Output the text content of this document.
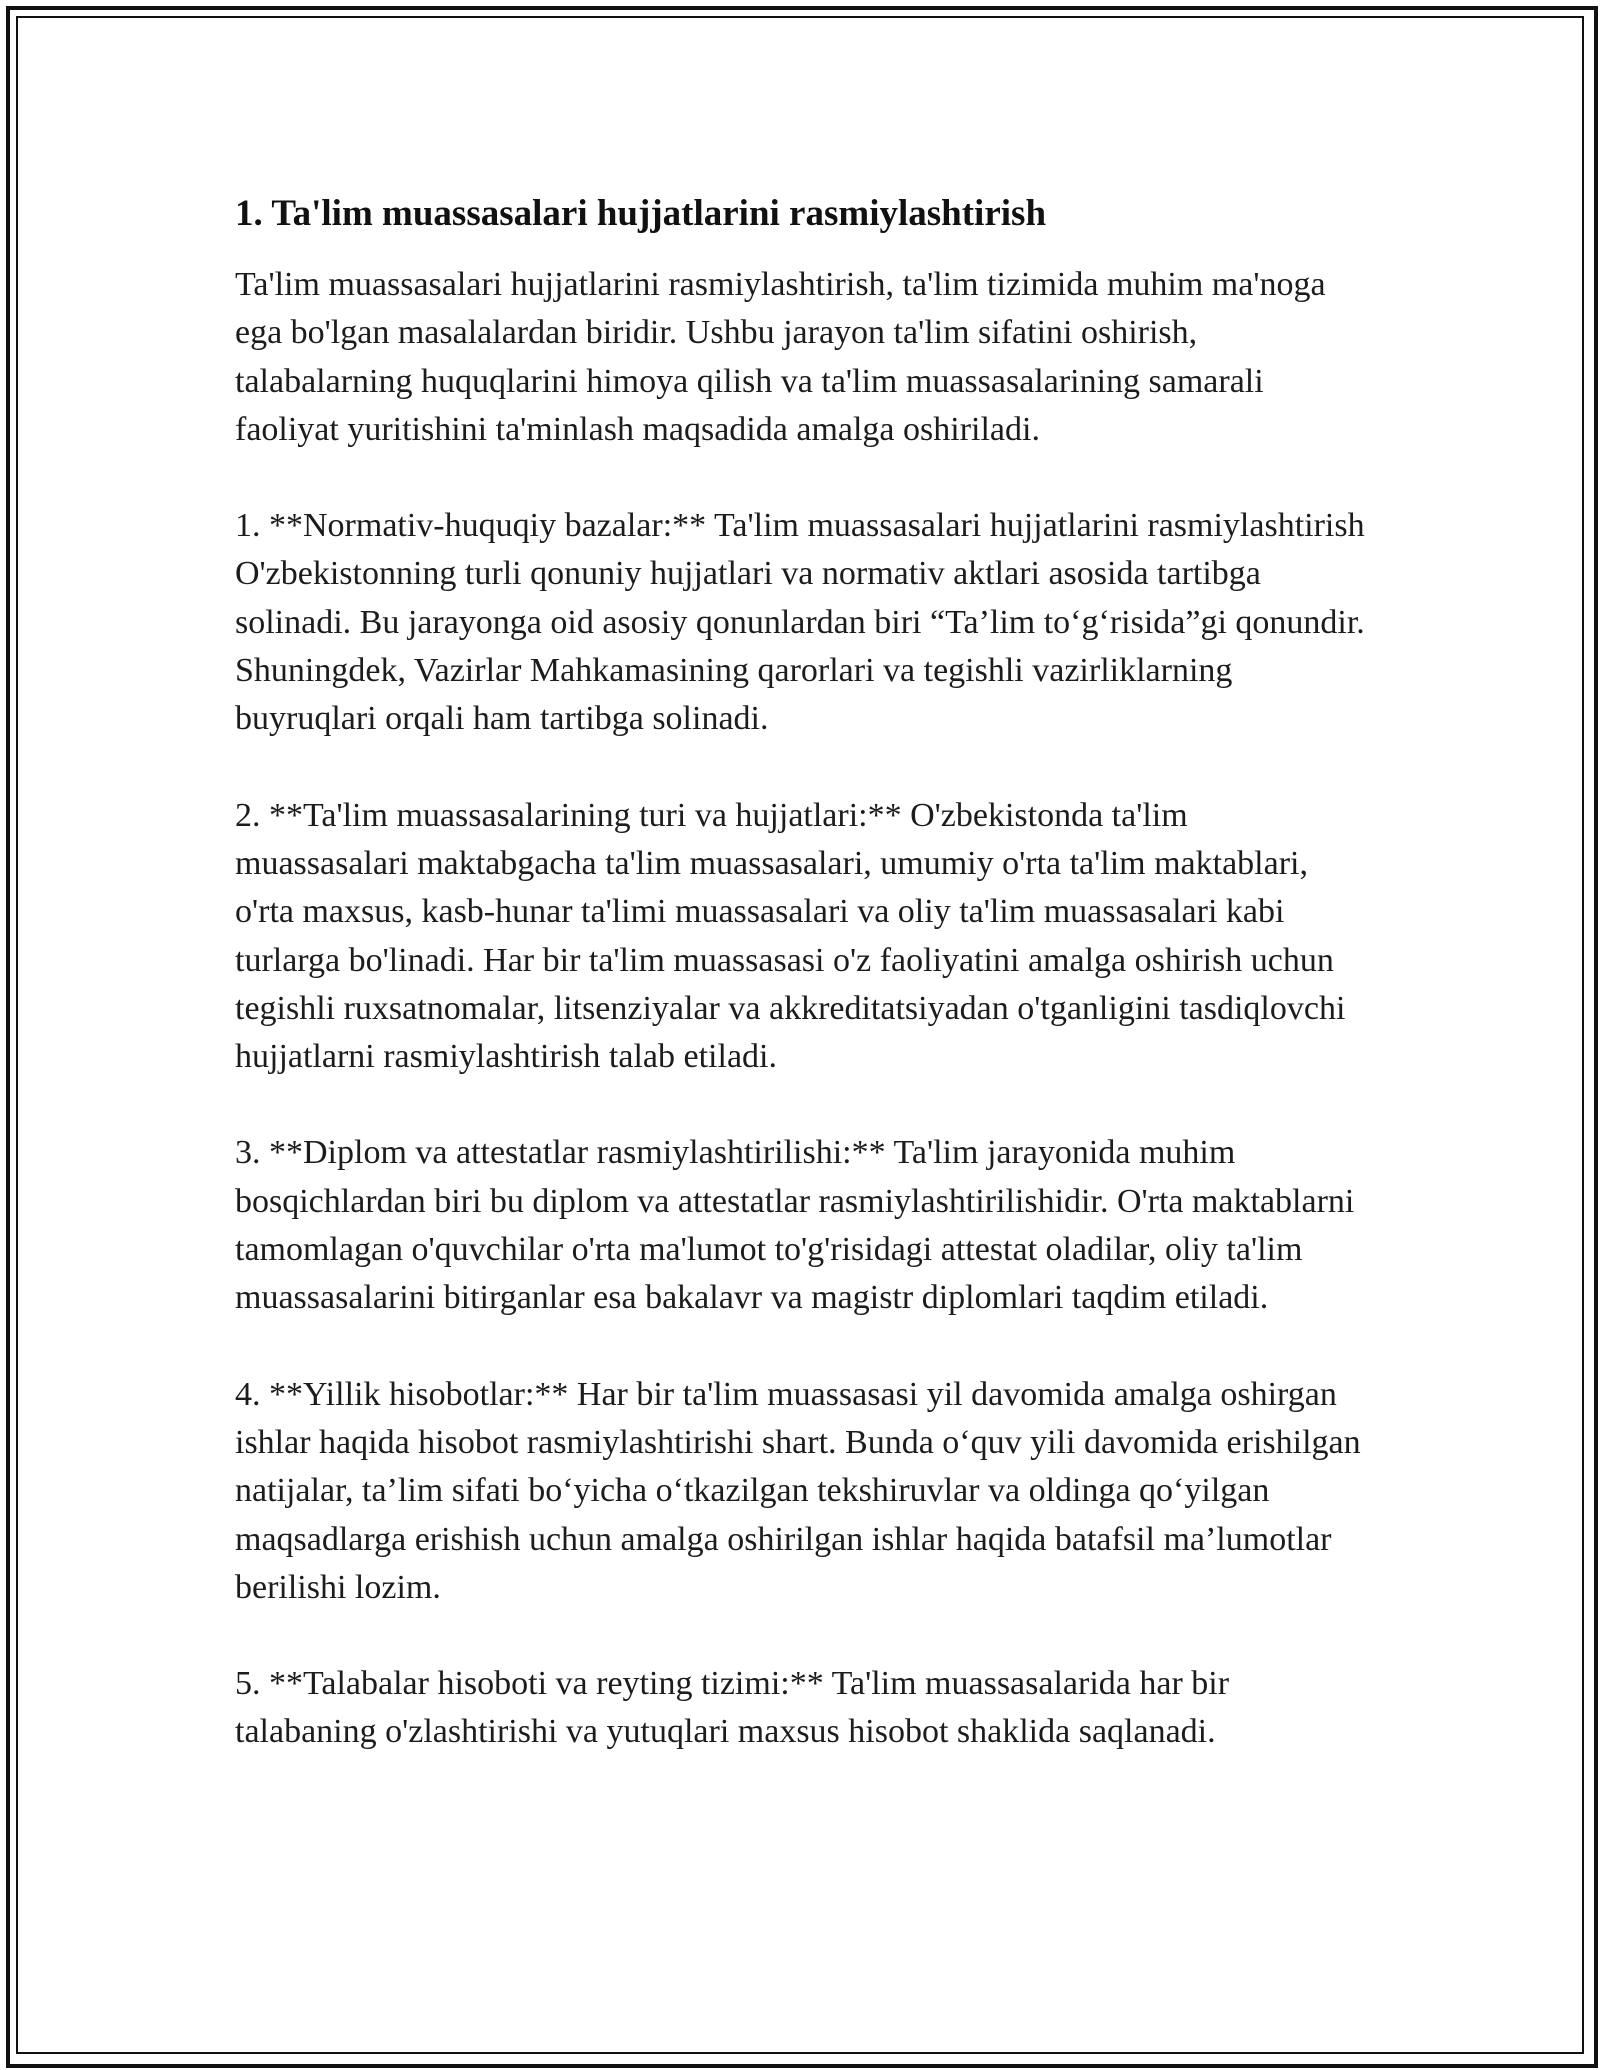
1. Ta'lim muassasalari hujjatlarini rasmiylashtirish

Ta'lim muassasalari hujjatlarini rasmiylashtirish, ta'lim tizimida muhim ma'noga ega bo'lgan masalalardan biridir. Ushbu jarayon ta'lim sifatini oshirish, talabalarning huquqlarini himoya qilish va ta'lim muassasalarining samarali faoliyat yuritishini ta'minlash maqsadida amalga oshiriladi.

1. **Normativ-huquqiy bazalar:** Ta'lim muassasalari hujjatlarini rasmiylashtirish O'zbekistonning turli qonuniy hujjatlari va normativ aktlari asosida tartibga solinadi. Bu jarayonga oid asosiy qonunlardan biri “Ta’lim to‘g‘risida”gi qonundir. Shuningdek, Vazirlar Mahkamasining qarorlari va tegishli vazirliklarning buyruqlari orqali ham tartibga solinadi.

2. **Ta'lim muassasalarining turi va hujjatlari:** O'zbekistonda ta'lim muassasalari maktabgacha ta'lim muassasalari, umumiy o'rta ta'lim maktablari, o'rta maxsus, kasb-hunar ta'limi muassasalari va oliy ta'lim muassasalari kabi turlarga bo'linadi. Har bir ta'lim muassasasi o'z faoliyatini amalga oshirish uchun tegishli ruxsatnomalar, litsenziyalar va akkreditatsiyadan o'tganligini tasdiqlovchi hujjatlarni rasmiylashtirish talab etiladi.

3. **Diplom va attestatlar rasmiylashtirilishi:** Ta'lim jarayonida muhim bosqichlardan biri bu diplom va attestatlar rasmiylashtirilishidir. O'rta maktablarni tamomlagan o'quvchilar o'rta ma'lumot to'g'risidagi attestat oladilar, oliy ta'lim muassasalarini bitirganlar esa bakalavr va magistr diplomlari taqdim etiladi.

4. **Yillik hisobotlar:** Har bir ta'lim muassasasi yil davomida amalga oshirgan ishlar haqida hisobot rasmiylashtirishi shart. Bunda o‘quv yili davomida erishilgan natijalar, ta’lim sifati bo‘yicha o‘tkazilgan tekshiruvlar va oldinga qo‘yilgan maqsadlarga erishish uchun amalga oshirilgan ishlar haqida batafsil ma’lumotlar berilishi lozim.

5. **Talabalar hisoboti va reyting tizimi:** Ta'lim muassasalarida har bir talabaning o'zlashtirishi va yutuqlari maxsus hisobot shaklida saqlanadi.
